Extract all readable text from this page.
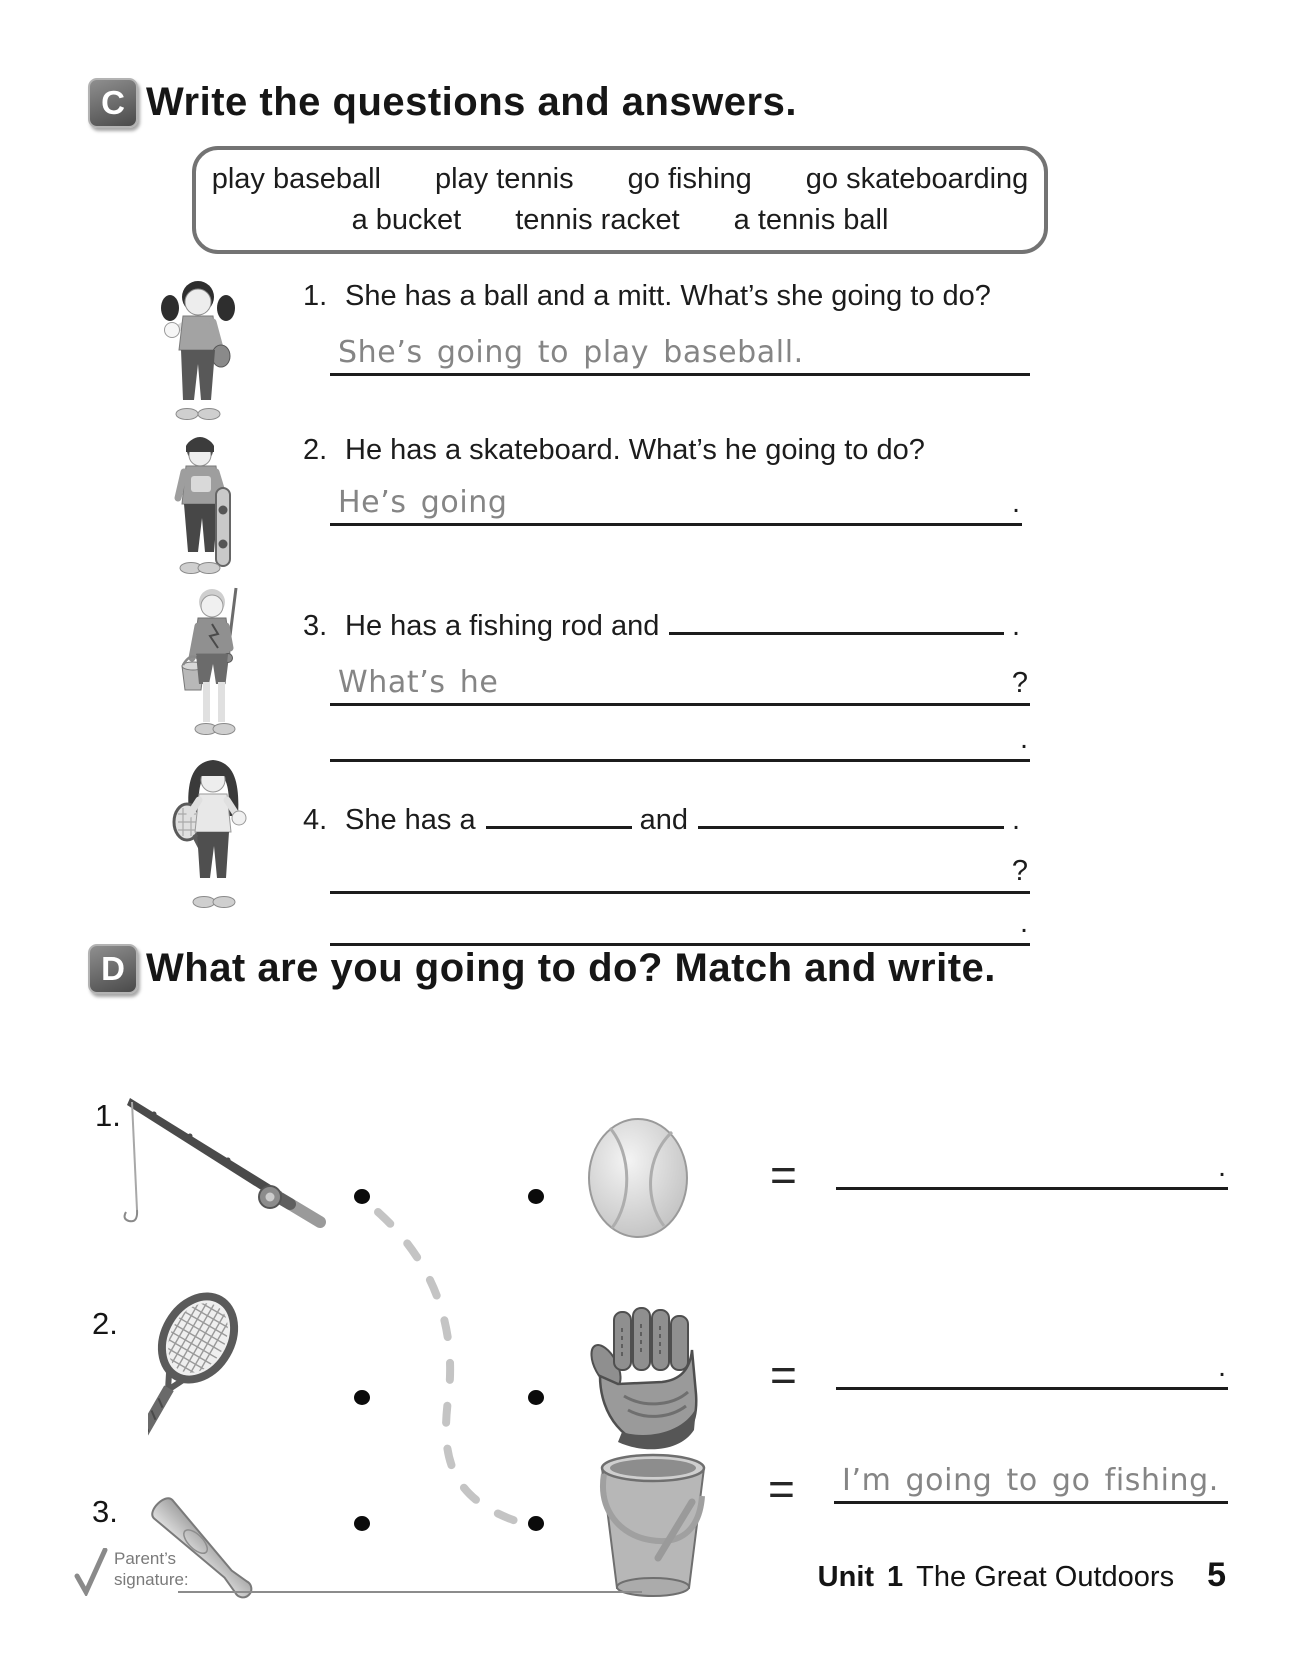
C Write the questions and answers.
play baseball play tennis go fishing go skateboarding
a bucket tennis racket a tennis ball
1. She has a ball and a mitt. What’s she going to do?
She’s going to play baseball.
2. He has a skateboard. What’s he going to do?
He’s going	.
3. He has a fishing rod and	.
What’s he	?
.
4. She has a	and	.
?
.
D What are you going to do? Match and write.
1.
=	.
2.
=	.
3.	= I’m going to go fishing.
Parent’s
signature:	Unit 1 The Great Outdoors 5
